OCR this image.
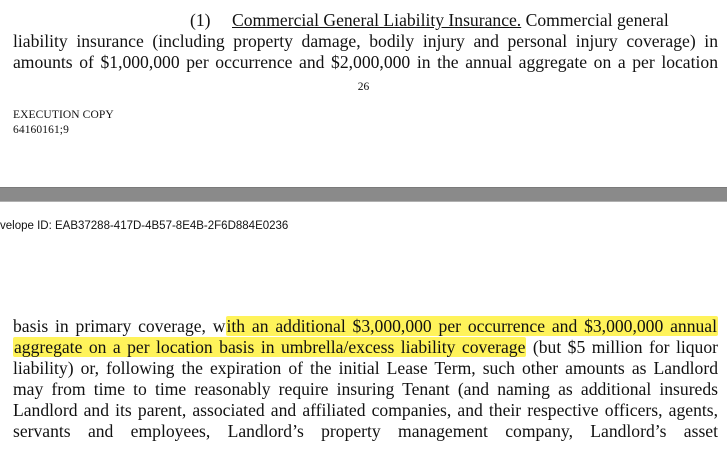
(1) Commercial General Liability Insurance. Commercial general
liability insurance (including property damage, bodily injury and personal injury coverage) in
amounts of $1,000,000 per occurrence and $2,000,000 in the annual aggregate on a per location
26
EXECUTION COPY
64160161;9
velope ID: EAB37288-417D-4B57-8E4B-2F6D884E0236
basis in primary coverage, with an additional $3,000,000 per occurrence and $3,000,000 annual
aggregate on a per location basis in umbrella/excess liability coverage (but $5 million for liquor
liability) or, following the expiration of the initial Lease Term, such other amounts as Landlord
may from time to time reasonably require insuring Tenant (and naming as additional insureds
Landlord and its parent, associated and affiliated companies, and their respective officers, agents,
servants and employees, Landlord’s property management company, Landlord’s asset
